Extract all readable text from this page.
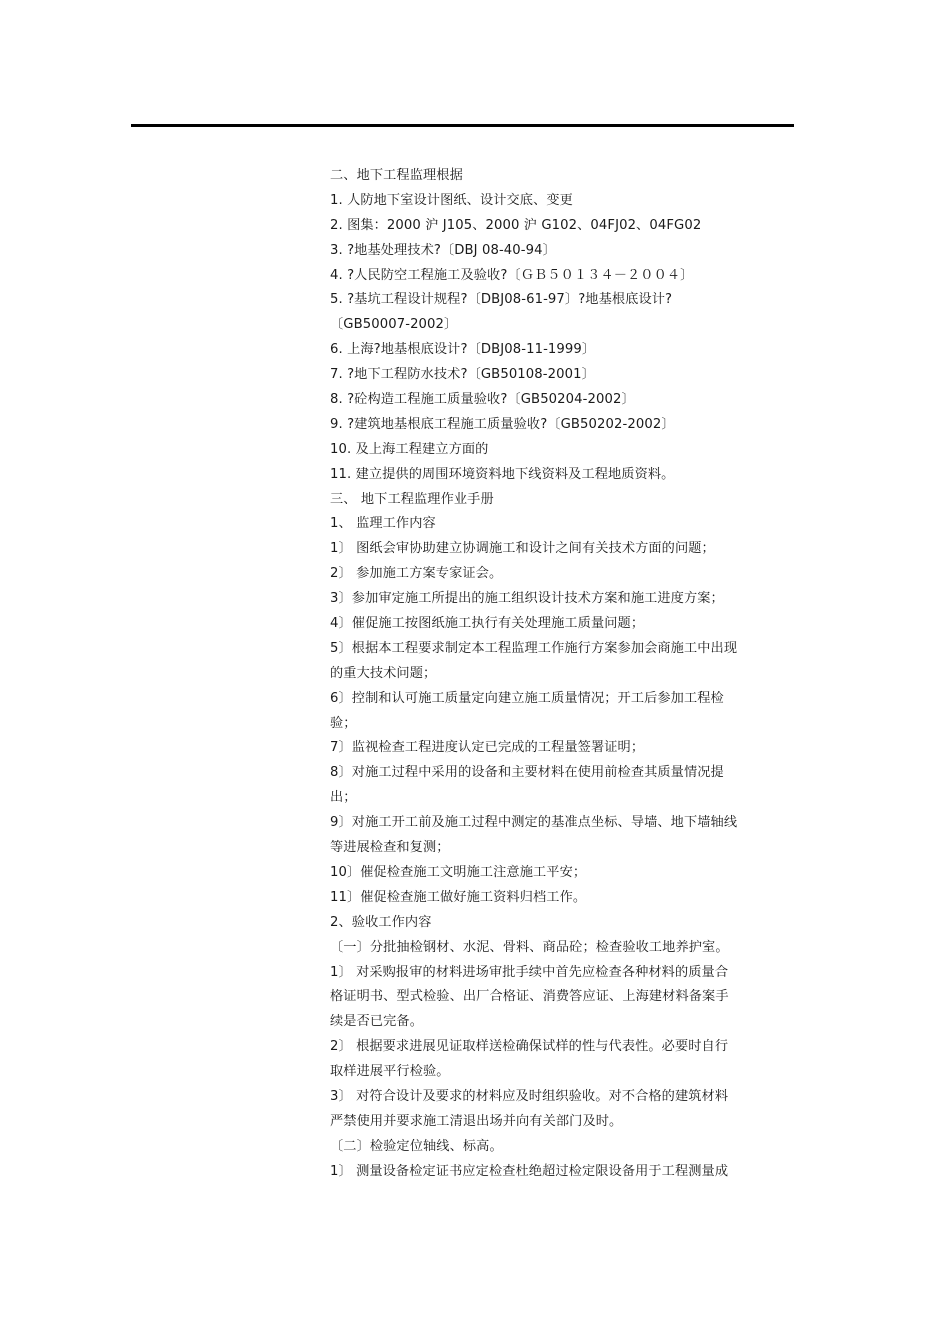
二、地下工程监理根据
1. 人防地下室设计图纸、设计交底、变更
2. 图集：2000 沪 J105、2000 沪 G102、04FJ02、04FG02
3. ?地基处理技术?〔DBJ 08-40-94〕
4. ?人民防空工程施工及验收?〔ＧＢ５０１３４－２００４〕
5. ?基坑工程设计规程?〔DBJ08-61-97〕?地基根底设计?
〔GB50007-2002〕
6. 上海?地基根底设计?〔DBJ08-11-1999〕
7. ?地下工程防水技术?〔GB50108-2001〕
8. ?砼构造工程施工质量验收?〔GB50204-2002〕
9. ?建筑地基根底工程施工质量验收?〔GB50202-2002〕
10. 及上海工程建立方面的
11. 建立提供的周围环境资料地下线资料及工程地质资料。
三、 地下工程监理作业手册
1、 监理工作内容
1〕 图纸会审协助建立协调施工和设计之间有关技术方面的问题；
2〕 参加施工方案专家证会。
3〕参加审定施工所提出的施工组织设计技术方案和施工进度方案；
4〕催促施工按图纸施工执行有关处理施工质量问题；
5〕根据本工程要求制定本工程监理工作施行方案参加会商施工中出现
的重大技术问题；
6〕控制和认可施工质量定向建立施工质量情况；开工后参加工程检
验；
7〕监视检查工程进度认定已完成的工程量签署证明；
8〕对施工过程中采用的设备和主要材料在使用前检查其质量情况提
出；
9〕对施工开工前及施工过程中测定的基准点坐标、导墙、地下墙轴线
等进展检查和复测；
10〕催促检查施工文明施工注意施工平安；
11〕催促检查施工做好施工资料归档工作。
2、验收工作内容
〔一〕分批抽检钢材、水泥、骨料、商品砼；检查验收工地养护室。
1〕 对采购报审的材料进场审批手续中首先应检查各种材料的质量合
格证明书、型式检验、出厂合格证、消费答应证、上海建材料备案手
续是否已完备。
2〕 根据要求进展见证取样送检确保试样的性与代表性。必要时自行
取样进展平行检验。
3〕 对符合设计及要求的材料应及时组织验收。对不合格的建筑材料
严禁使用并要求施工清退出场并向有关部门及时。
〔二〕检验定位轴线、标高。
1〕 测量设备检定证书应定检查杜绝超过检定限设备用于工程测量成
